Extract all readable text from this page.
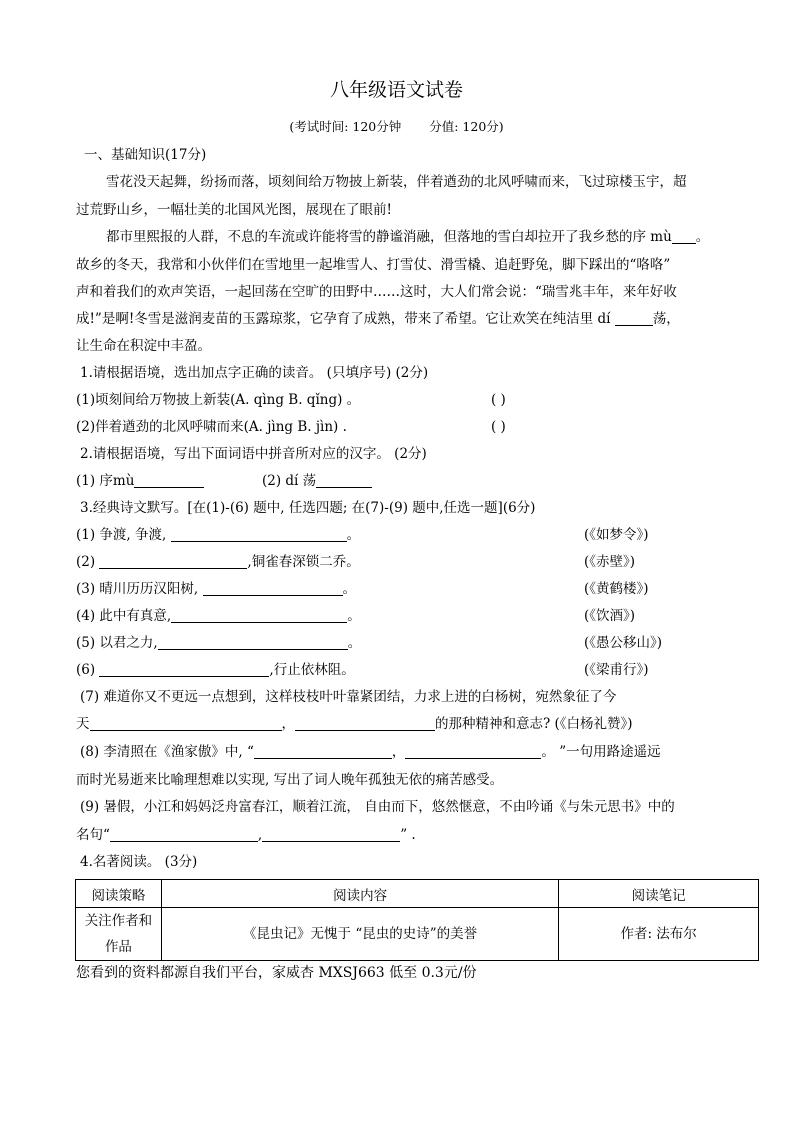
八年级语文试卷
(考试时间: 120分钟 分值: 120分)
一、基础知识(17分)
雪花没天起舞，纷扬而落，顷刻间给万物披上新装，伴着遒劲的北风呼啸而来，飞过琼楼玉宇，超
过荒野山乡，一幅壮美的北国风光图，展现在了眼前!
都市里熙报的人群，不息的车流或许能将雪的静谧消融，但落地的雪白却拉开了我乡愁的序 mù 。
故乡的冬天，我常和小伙伴们在雪地里一起堆雪人、打雪仗、滑雪橇、追赶野兔，脚下踩出的“咯咯”
声和着我们的欢声笑语，一起回荡在空旷的田野中……这时，大人们常会说：“瑞雪兆丰年，来年好收
成!”是啊!冬雪是滋润麦苗的玉露琼浆，它孕育了成熟，带来了希望。它让欢笑在纯洁里 dí	荡，
让生命在积淀中丰盈。
1.请根据语境，选出加点字正确的读音。 (只填序号) (2分)
(1)顷刻间给万物披上新装(A. qìng B. qǐng) 。	( )
(2)伴着遒劲的北风呼啸而来(A. jìng B. jìn) .	( )
2.请根据语境，写出下面词语中拼音所对应的汉字。 (2分)
(1) 序mù	(2) dí 荡
3.经典诗文默写。[在(1)-(6) 题中, 任选四题; 在(7)-(9) 题中,任选一题](6分)
(1) 争渡, 争渡,	。	(《如梦令》)
(2)	,铜雀春深锁二乔。	(《赤壁》)
(3) 晴川历历汉阳树,	。	(《黄鹤楼》)
(4) 此中有真意,	。	(《饮酒》)
(5) 以君之力,	。	(《愚公移山》)
(6)	,行止依林阻。	(《梁甫行》)
(7) 难道你又不更远一点想到，这样枝枝叶叶靠紧团结，力求上进的白杨树，宛然象征了今
天	，	的那种精神和意志? (《白杨礼赞》)
(8) 李清照在《渔家傲》中, “	，	。 ”一句用路途遥远
而时光易逝来比喻理想难以实现, 写出了词人晚年孤独无依的痛苦感受。
(9) 暑假，小江和妈妈泛舟富春江，顺着江流， 自由而下，悠然惬意，不由吟诵《与朱元思书》中的
名句“	,	” .
4.名著阅读。 (3分)
阅读策略	阅读内容	阅读笔记

关注作者和
作品	《昆虫记》无愧于 “昆虫的史诗”的美誉	作者: 法布尔
您看到的资料都源自我们平台，家威杏 MXSJ663 低至 0.3元/份
